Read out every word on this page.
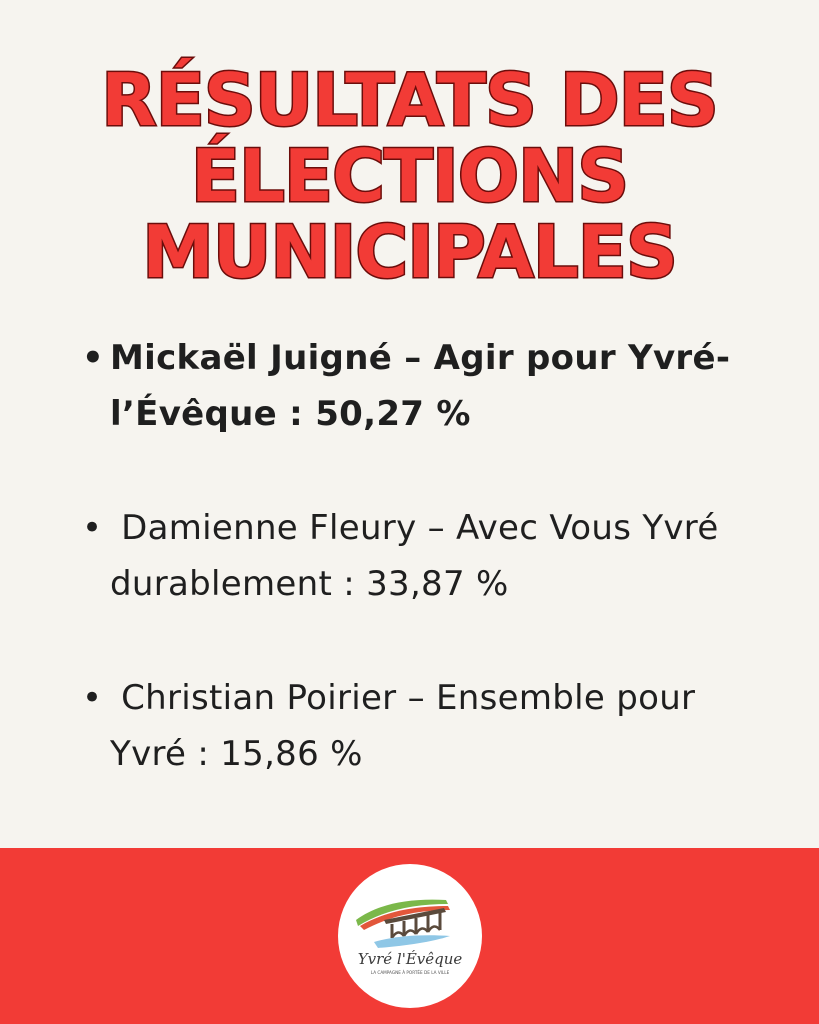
RÉSULTATS DES
ÉLECTIONS
MUNICIPALES
• Mickaël Juigné – Agir pour Yvré-
l’Évêque : 50,27 %
• Damienne Fleury – Avec Vous Yvré
durablement : 33,87 %
• Christian Poirier – Ensemble pour
Yvré : 15,86 %
Yvré l'Évêque
LA CAMPAGNE À PORTÉE DE LA VILLE
